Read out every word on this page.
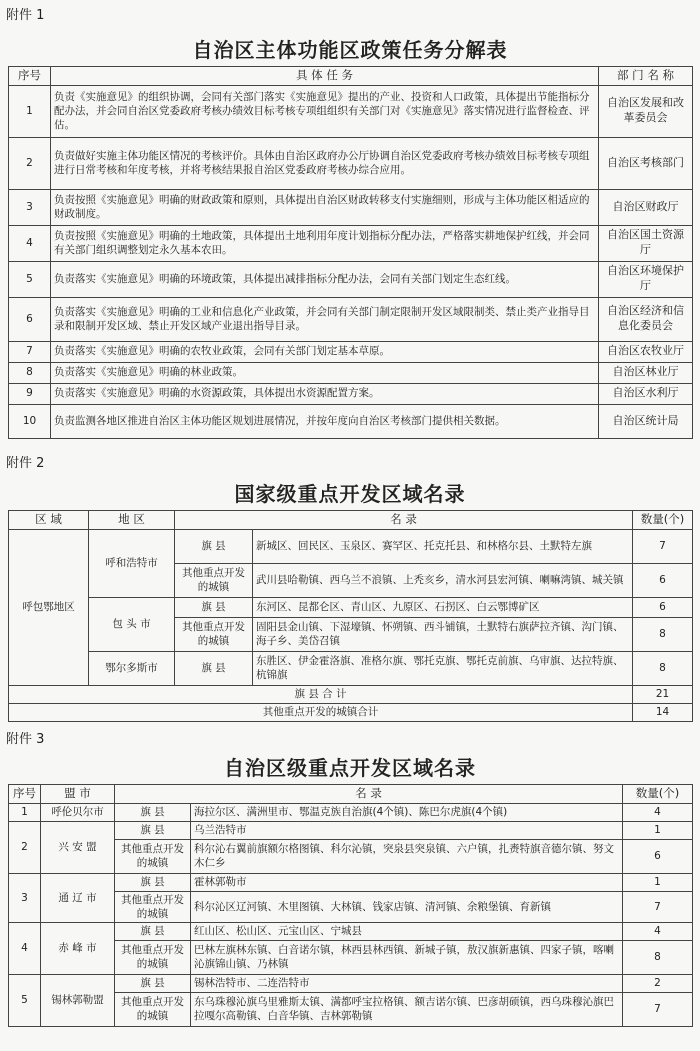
附件 1
自治区主体功能区政策任务分解表
序号	具 体 任 务	部 门 名 称
1	负责《实施意见》的组织协调，会同有关部门落实《实施意见》提出的产业、投资和人口政策，具体提出节能指标分配办法，并会同自治区党委政府考核办绩效目标考核专项组组织有关部门对《实施意见》落实情况进行监督检查、评估。	自治区发展和改革委员会
2	负责做好实施主体功能区情况的考核评价。具体由自治区政府办公厅协调自治区党委政府考核办绩效目标考核专项组进行日常考核和年度考核，并将考核结果报自治区党委政府考核办综合应用。	自治区考核部门
3	负责按照《实施意见》明确的财政政策和原则，具体提出自治区财政转移支付实施细则，形成与主体功能区相适应的财政制度。	自治区财政厅
4	负责按照《实施意见》明确的土地政策，具体提出土地利用年度计划指标分配办法，严格落实耕地保护红线，并会同有关部门组织调整划定永久基本农田。	自治区国土资源厅
5	负责落实《实施意见》明确的环境政策，具体提出减排指标分配办法，会同有关部门划定生态红线。	自治区环境保护厅
6	负责落实《实施意见》明确的工业和信息化产业政策，并会同有关部门制定限制开发区域限制类、禁止类产业指导目录和限制开发区域、禁止开发区域产业退出指导目录。	自治区经济和信息化委员会
7	负责落实《实施意见》明确的农牧业政策，会同有关部门划定基本草原。	自治区农牧业厅
8	负责落实《实施意见》明确的林业政策。	自治区林业厅
9	负责落实《实施意见》明确的水资源政策，具体提出水资源配置方案。	自治区水利厅
10	负责监测各地区推进自治区主体功能区规划进展情况，并按年度向自治区考核部门提供相关数据。	自治区统计局
附件 2
国家级重点开发区域名录
区 域	地 区	名 录		数量(个)
呼包鄂地区	呼和浩特市	旗 县	新城区、回民区、玉泉区、赛罕区、托克托县、和林格尔县、土默特左旗	7
		其他重点开发的城镇	武川县哈勒镇、西乌兰不浪镇、上秃亥乡，清水河县宏河镇、喇嘛湾镇、城关镇	6
	包 头 市	旗 县	东河区、昆都仑区、青山区、九原区、石拐区、白云鄂博矿区	6
		其他重点开发的城镇	固阳县金山镇、下湿壕镇、怀朔镇、西斗铺镇，土默特右旗萨拉齐镇、沟门镇、海子乡、美岱召镇	8
	鄂尔多斯市	旗 县	东胜区、伊金霍洛旗、准格尔旗、鄂托克旗、鄂托克前旗、乌审旗、达拉特旗、杭锦旗	8
旗 县 合 计				21
其他重点开发的城镇合计				14
附件 3
自治区级重点开发区域名录
序号	盟 市	名 录		数量(个)
1	呼伦贝尔市	旗 县	海拉尔区、满洲里市、鄂温克族自治旗(4个镇)、陈巴尔虎旗(4个镇)	4
2	兴 安 盟	旗 县	乌兰浩特市	1
		其他重点开发的城镇	科尔沁右翼前旗额尔格图镇、科尔沁镇，突泉县突泉镇、六户镇，扎赉特旗音德尔镇、努文木仁乡	6
3	通 辽 市	旗 县	霍林郭勒市	1
		其他重点开发的城镇	科尔沁区辽河镇、木里图镇、大林镇、钱家店镇、清河镇、余粮堡镇、育新镇	7
4	赤 峰 市	旗 县	红山区、松山区、元宝山区、宁城县	4
		其他重点开发的城镇	巴林左旗林东镇、白音诺尔镇，林西县林西镇、新城子镇，敖汉旗新惠镇、四家子镇，喀喇沁旗锦山镇、乃林镇	8
5	锡林郭勒盟	旗 县	锡林浩特市、二连浩特市	2
		其他重点开发的城镇	东乌珠穆沁旗乌里雅斯太镇、满都呼宝拉格镇、额吉诺尔镇、巴彦胡硕镇，西乌珠穆沁旗巴拉嘎尔高勒镇、白音华镇、吉林郭勒镇	7
